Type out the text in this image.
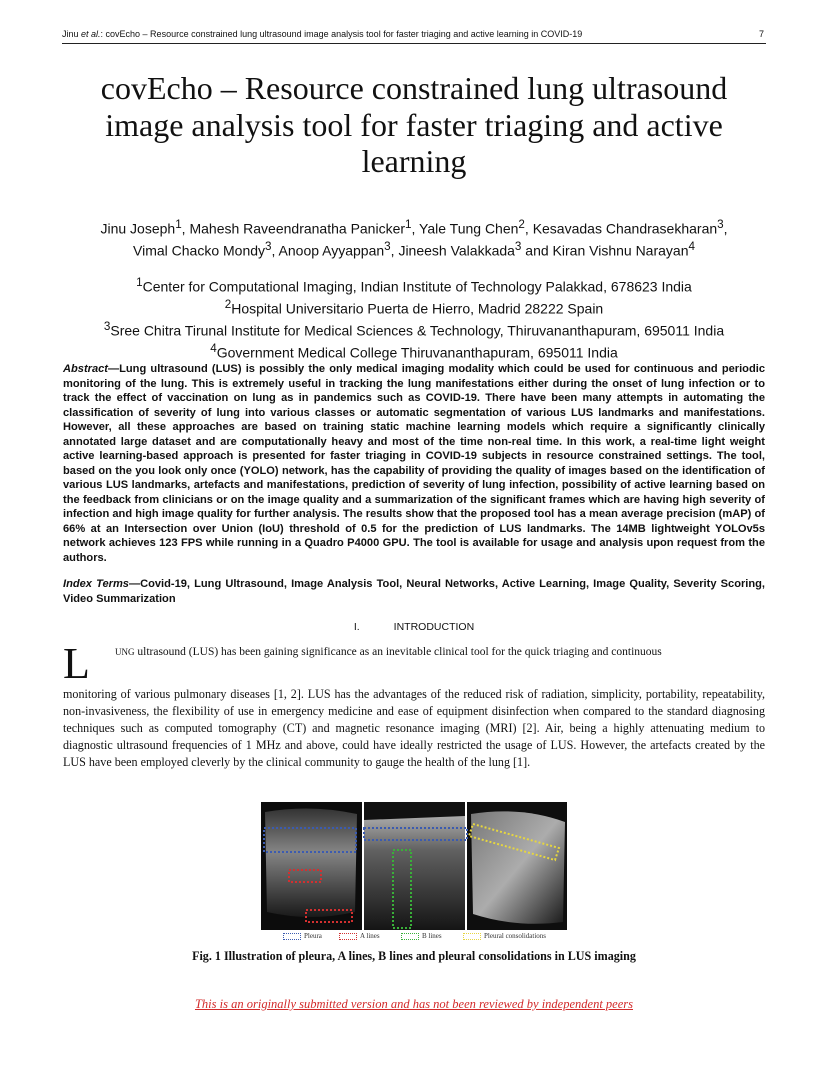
Jinu et al.: covEcho – Resource constrained lung ultrasound image analysis tool for faster triaging and active learning in COVID-19	7
covEcho – Resource constrained lung ultrasound
image analysis tool for faster triaging and active
learning
Jinu Joseph$^1$, Mahesh Raveendranatha Panicker$^1$, Yale Tung Chen$^2$, Kesavadas Chandrasekharan$^3$,
Vimal Chacko Mondy$^3$, Anoop Ayyappan$^3$, Jineesh Valakkada$^3$ and Kiran Vishnu Narayan$^4$
$^1$Center for Computational Imaging, Indian Institute of Technology Palakkad, 678623 India
$^2$Hospital Universitario Puerta de Hierro, Madrid 28222 Spain
$^3$Sree Chitra Tirunal Institute for Medical Sciences & Technology, Thiruvananthapuram, 695011 India
$^4$Government Medical College Thiruvananthapuram, 695011 India
Abstract—Lung ultrasound (LUS) is possibly the only medical imaging modality which could be used for continuous and periodic monitoring of the lung. This is extremely useful in tracking the lung manifestations either during the onset of lung infection or to track the effect of vaccination on lung as in pandemics such as COVID-19. There have been many attempts in automating the classification of severity of lung into various classes or automatic segmentation of various LUS landmarks and manifestations. However, all these approaches are based on training static machine learning models which require a significantly clinically annotated large dataset and are computationally heavy and most of the time non-real time. In this work, a real-time light weight active learning-based approach is presented for faster triaging in COVID-19 subjects in resource constrained settings. The tool, based on the you look only once (YOLO) network, has the capability of providing the quality of images based on the identification of various LUS landmarks, artefacts and manifestations, prediction of severity of lung infection, possibility of active learning based on the feedback from clinicians or on the image quality and a summarization of the significant frames which are having high severity of infection and high image quality for further analysis. The results show that the proposed tool has a mean average precision (mAP) of 66% at an Intersection over Union (IoU) threshold of 0.5 for the prediction of LUS landmarks. The 14MB lightweight YOLOv5s network achieves 123 FPS while running in a Quadro P4000 GPU. The tool is available for usage and analysis upon request from the authors.
Index Terms—Covid-19, Lung Ultrasound, Image Analysis Tool, Neural Networks, Active Learning, Image Quality, Severity Scoring, Video Summarization
I.	INTRODUCTION
L	$^{UNG}$ ultrasound (LUS) has been gaining significance as an inevitable clinical tool for the quick triaging and continuous
monitoring of various pulmonary diseases [1, 2]. LUS has the advantages of the reduced risk of radiation, simplicity, portability, repeatability, non-invasiveness, the flexibility of use in emergency medicine and ease of equipment disinfection when compared to the standard diagnosing techniques such as computed tomography (CT) and magnetic resonance imaging (MRI) [2]. Air, being a highly attenuating medium to diagnostic ultrasound frequencies of 1 MHz and above, could have ideally restricted the usage of LUS. However, the artefacts created by the LUS have been employed cleverly by the clinical community to gauge the health of the lung [1].
Pleura	A lines	B lines	Pleural consolidations
Fig. 1 Illustration of pleura, A lines, B lines and pleural consolidations in LUS imaging
This is an originally submitted version and has not been reviewed by independent peers
